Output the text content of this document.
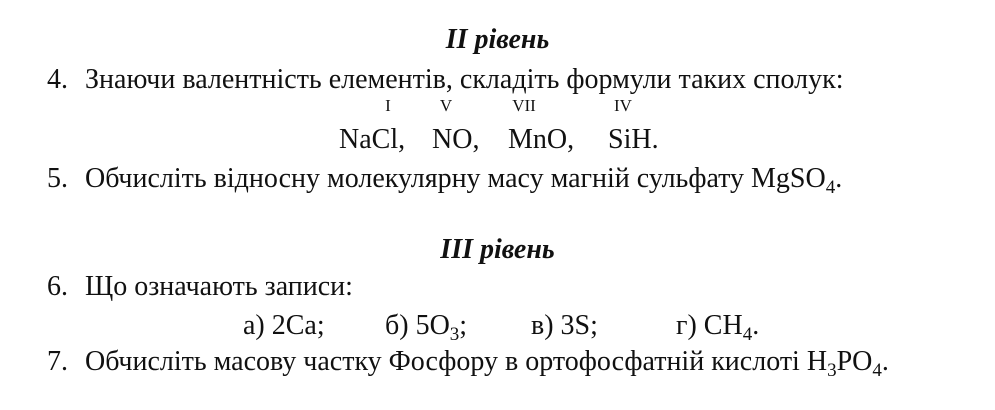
II рівень
4. Знаючи валентність елементів, складіть формули таких сполук:
I	V	VII	IV
NaCl, NO, MnO, SiH.
5. Обчисліть відносну молекулярну масу магній сульфату MgSO$_4$.
III рівень
6. Що означають записи:
а) 2Ca; б) $5O_3$; в) 3S;	г) $CH_4$.
7. Обчисліть масову частку Фосфору в ортофосфатній кислоті $H_3PO_4$.
